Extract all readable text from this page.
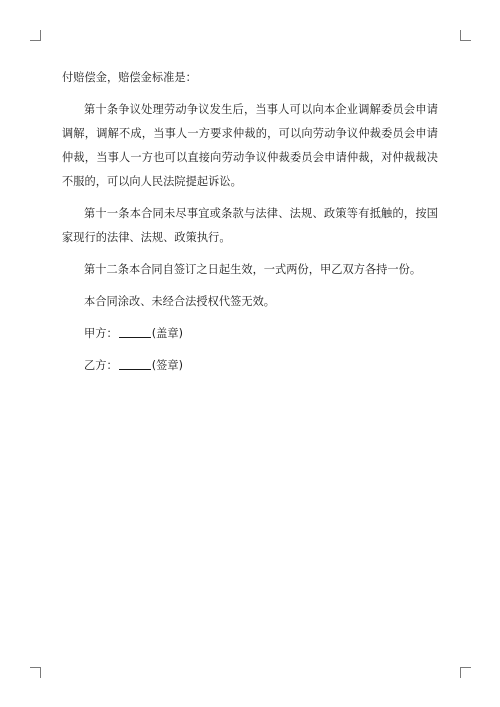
付赔偿金，赔偿金标准是：

第十条争议处理劳动争议发生后，当事人可以向本企业调解委员会申请调解，调解不成，当事人一方要求仲裁的，可以向劳动争议仲裁委员会申请仲裁，当事人一方也可以直接向劳动争议仲裁委员会申请仲裁，对仲裁裁决不服的，可以向人民法院提起诉讼。

第十一条本合同未尽事宜或条款与法律、法规、政策等有抵触的，按国家现行的法律、法规、政策执行。

第十二条本合同自签订之日起生效，一式两份，甲乙双方各持一份。

本合同涂改、未经合法授权代签无效。

甲方：	(盖章)

乙方：	(签章)
